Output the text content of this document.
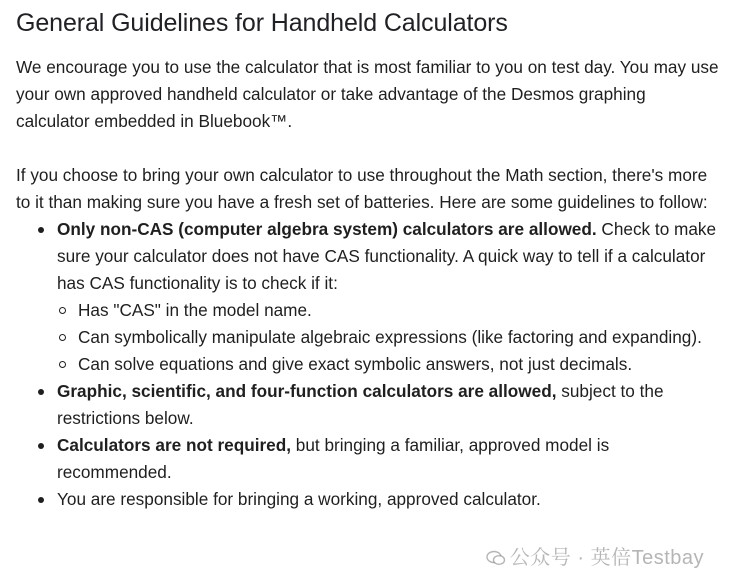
General Guidelines for Handheld Calculators

We encourage you to use the calculator that is most familiar to you on test day. You may use your own approved handheld calculator or take advantage of the Desmos graphing calculator embedded in Bluebook™.

If you choose to bring your own calculator to use throughout the Math section, there's more to it than making sure you have a fresh set of batteries. Here are some guidelines to follow:

Only non-CAS (computer algebra system) calculators are allowed. Check to make sure your calculator does not have CAS functionality. A quick way to tell if a calculator has CAS functionality is to check if it:
Has "CAS" in the model name.
Can symbolically manipulate algebraic expressions (like factoring and expanding).
Can solve equations and give exact symbolic answers, not just decimals.
Graphic, scientific, and four-function calculators are allowed, subject to the restrictions below.
Calculators are not required, but bringing a familiar, approved model is recommended.
You are responsible for bringing a working, approved calculator.
公众号 · 英倍Testbay
